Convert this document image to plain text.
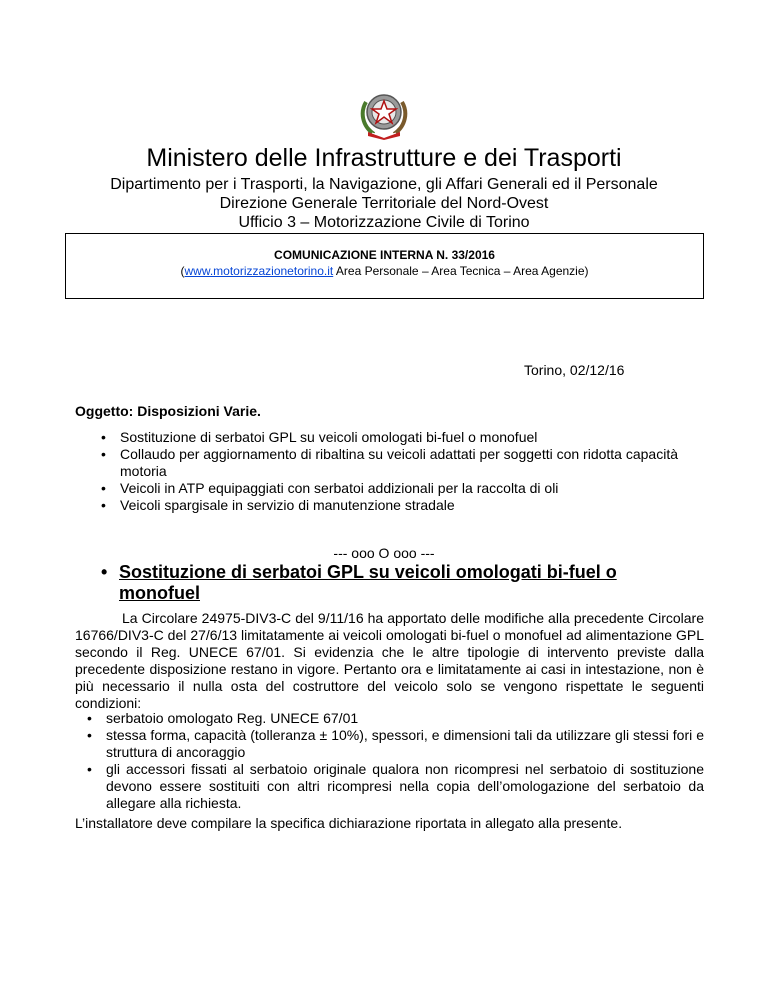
Ministero delle Infrastrutture e dei Trasporti
Dipartimento per i Trasporti, la Navigazione, gli Affari Generali ed il Personale
Direzione Generale Territoriale del Nord-Ovest
Ufficio 3 – Motorizzazione Civile di Torino
COMUNICAZIONE INTERNA N. 33/2016
(www.motorizzazionetorino.it Area Personale – Area Tecnica – Area Agenzie)
Torino, 02/12/16
Oggetto: Disposizioni Varie.
• Sostituzione di serbatoi GPL su veicoli omologati bi-fuel o monofuel
• Collaudo per aggiornamento di ribaltina su veicoli adattati per soggetti con ridotta capacità motoria
• Veicoli in ATP equipaggiati con serbatoi addizionali per la raccolta di oli
• Veicoli spargisale in servizio di manutenzione stradale
--- ooo O ooo ---
• Sostituzione di serbatoi GPL su veicoli omologati bi-fuel o monofuel
La Circolare 24975-DIV3-C del 9/11/16 ha apportato delle modifiche alla precedente Circolare 16766/DIV3-C del 27/6/13 limitatamente ai veicoli omologati bi-fuel o monofuel ad alimentazione GPL secondo il Reg. UNECE 67/01. Si evidenzia che le altre tipologie di intervento previste dalla precedente disposizione restano in vigore. Pertanto ora e limitatamente ai casi in intestazione, non è più necessario il nulla osta del costruttore del veicolo solo se vengono rispettate le seguenti condizioni:
• serbatoio omologato Reg. UNECE 67/01
• stessa forma, capacità (tolleranza ± 10%), spessori, e dimensioni tali da utilizzare gli stessi fori e struttura di ancoraggio
• gli accessori fissati al serbatoio originale qualora non ricompresi nel serbatoio di sostituzione devono essere sostituiti con altri ricompresi nella copia dell’omologazione del serbatoio da allegare alla richiesta.
L’installatore deve compilare la specifica dichiarazione riportata in allegato alla presente.
